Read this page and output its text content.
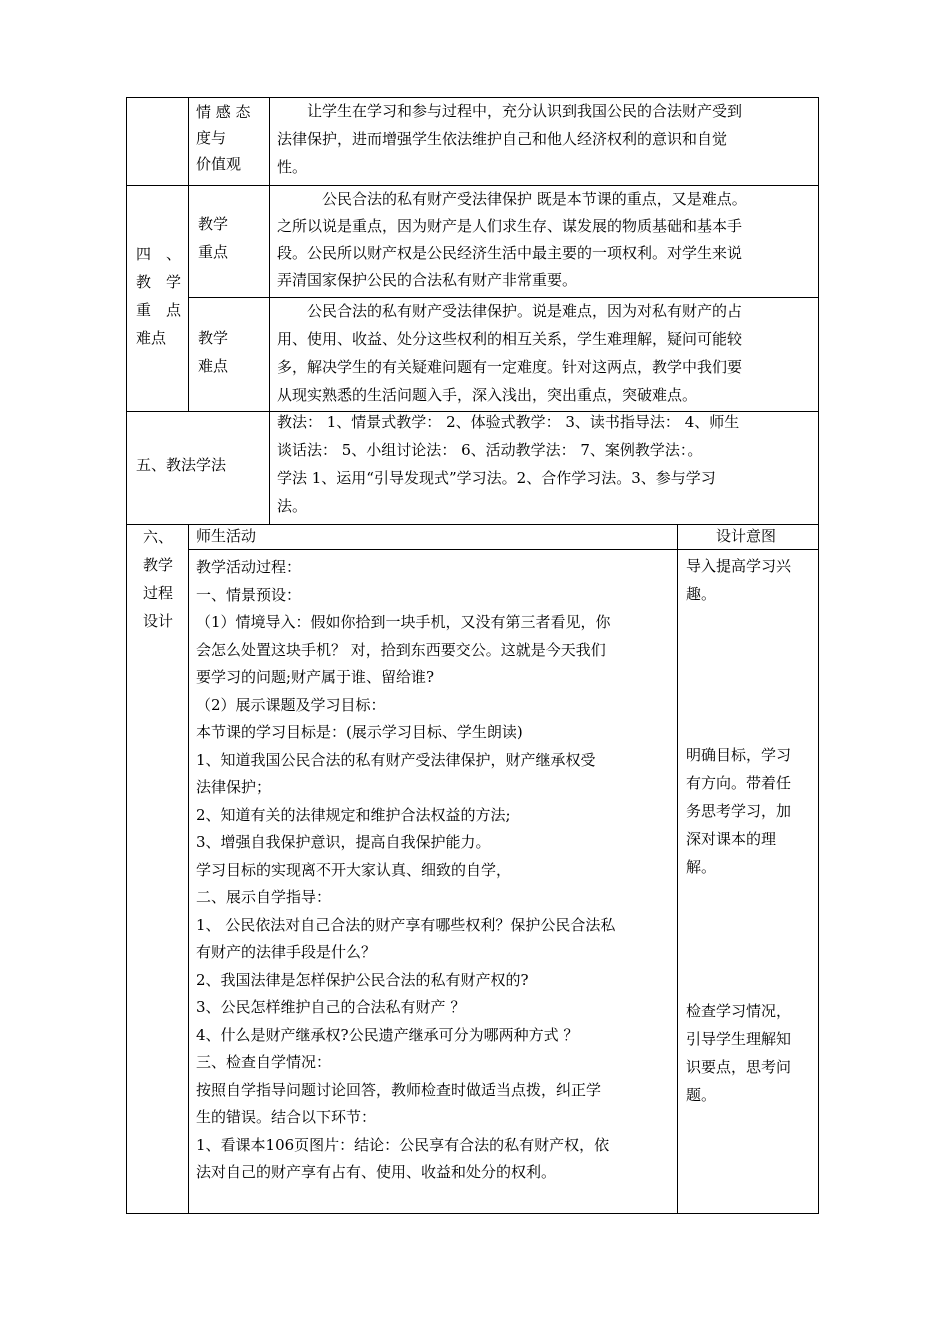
情 感 态
度与
价值观
　　让学生在学习和参与过程中，充分认识到我国公民的合法财产受到
法律保护，进而增强学生依法维护自己和他人经济权利的意识和自觉
性。
四　、
教　学
重　点
难点
教学
重点
　　　公民合法的私有财产受法律保护 既是本节课的重点，又是难点。
之所以说是重点，因为财产是人们求生存、谋发展的物质基础和基本手
段。公民所以财产权是公民经济生活中最主要的一项权利。对学生来说
弄清国家保护公民的合法私有财产非常重要。
教学
难点
　　公民合法的私有财产受法律保护。说是难点，因为对私有财产的占
用、使用、收益、处分这些权利的相互关系，学生难理解，疑问可能较
多，解决学生的有关疑难问题有一定难度。针对这两点，教学中我们要
从现实熟悉的生活问题入手，深入浅出，突出重点，突破难点。
五、教法学法
教法： 1、情景式教学： 2、体验式教学： 3、读书指导法： 4、师生
谈话法： 5、小组讨论法： 6、活动教学法： 7、案例教学法：。
学法 1、运用“引导发现式”学习法。2、合作学习法。3、参与学习
法。
六、
教学
过程
设计
师生活动	设计意图
教学活动过程：
一、情景预设：
（1）情境导入：假如你拾到一块手机，又没有第三者看见，你
会怎么处置这块手机？ 对，拾到东西要交公。这就是今天我们
要学习的问题;财产属于谁、留给谁?
（2）展示课题及学习目标：
本节课的学习目标是：(展示学习目标、学生朗读)
1、知道我国公民合法的私有财产受法律保护，财产继承权受
法律保护；
2、知道有关的法律规定和维护合法权益的方法;
3、增强自我保护意识，提高自我保护能力。
学习目标的实现离不开大家认真、细致的自学，
二、展示自学指导：
1、 公民依法对自己合法的财产享有哪些权利？保护公民合法私
有财产的法律手段是什么？
2、我国法律是怎样保护公民合法的私有财产权的?
3、公民怎样维护自己的合法私有财产 ？
4、什么是财产继承权?公民遗产继承可分为哪两种方式 ？
三、检查自学情况：
按照自学指导问题讨论回答，教师检查时做适当点拨，纠正学
生的错误。结合以下环节：
1、看课本106页图片：结论：公民享有合法的私有财产权，依
法对自己的财产享有占有、使用、收益和处分的权利。
导入提高学习兴
趣。
明确目标，学习
有方向。带着任
务思考学习，加
深对课本的理
解。
检查学习情况，
引导学生理解知
识要点，思考问
题。
